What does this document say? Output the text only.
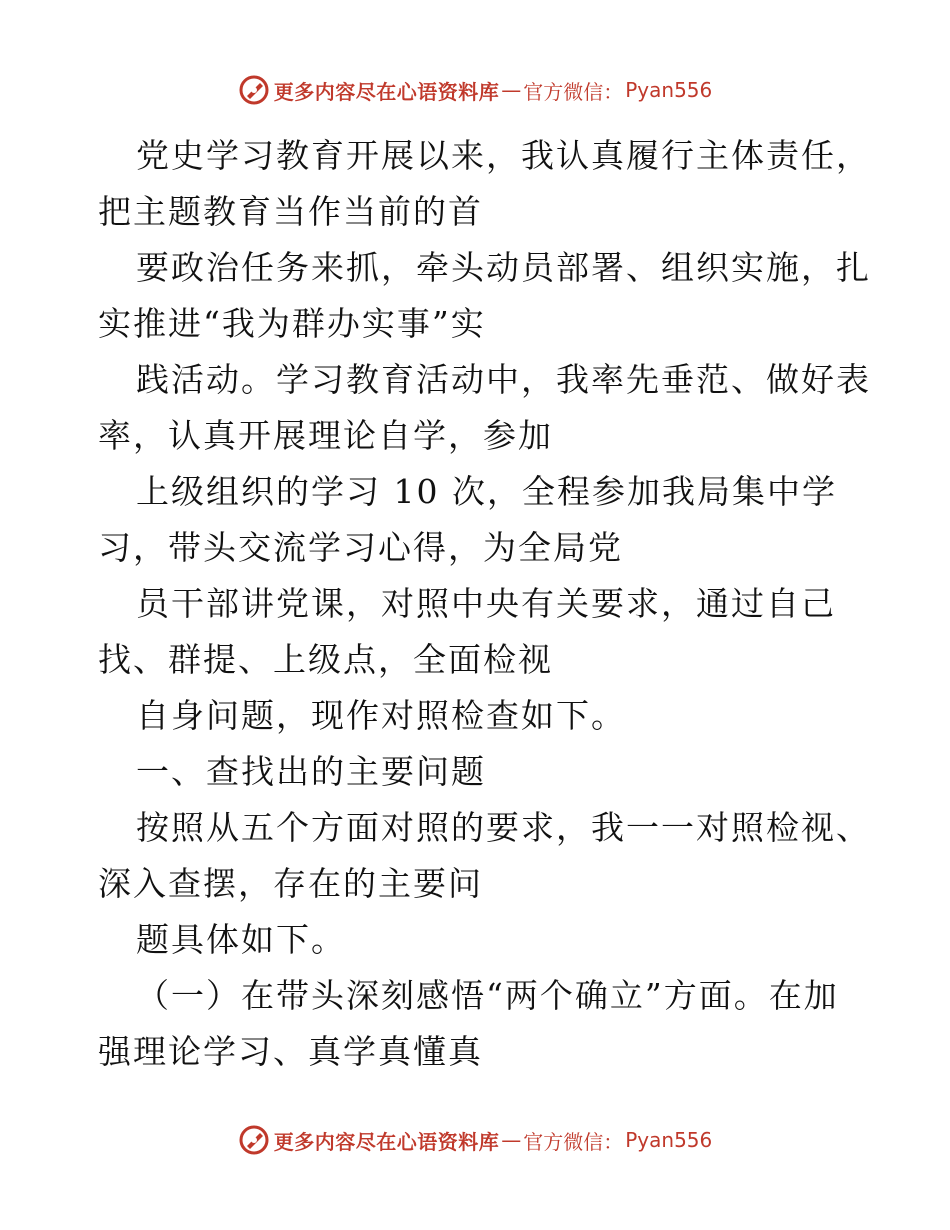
更多内容尽在心语资料库 — 官方微信： Pyan556
党史学习教育开展以来，我认真履行主体责任，
把主题教育当作当前的首
要政治任务来抓，牵头动员部署、组织实施，扎
实推进“我为群办实事”实
践活动。学习教育活动中，我率先垂范、做好表
率，认真开展理论自学，参加
上级组织的学习 10 次，全程参加我局集中学
习，带头交流学习心得，为全局党
员干部讲党课，对照中央有关要求，通过自己
找、群提、上级点，全面检视
自身问题，现作对照检查如下。
一、查找出的主要问题
按照从五个方面对照的要求，我一一对照检视、
深入查摆，存在的主要问
题具体如下。
（一）在带头深刻感悟“两个确立”方面。在加
强理论学习、真学真懂真
更多内容尽在心语资料库 — 官方微信： Pyan556
